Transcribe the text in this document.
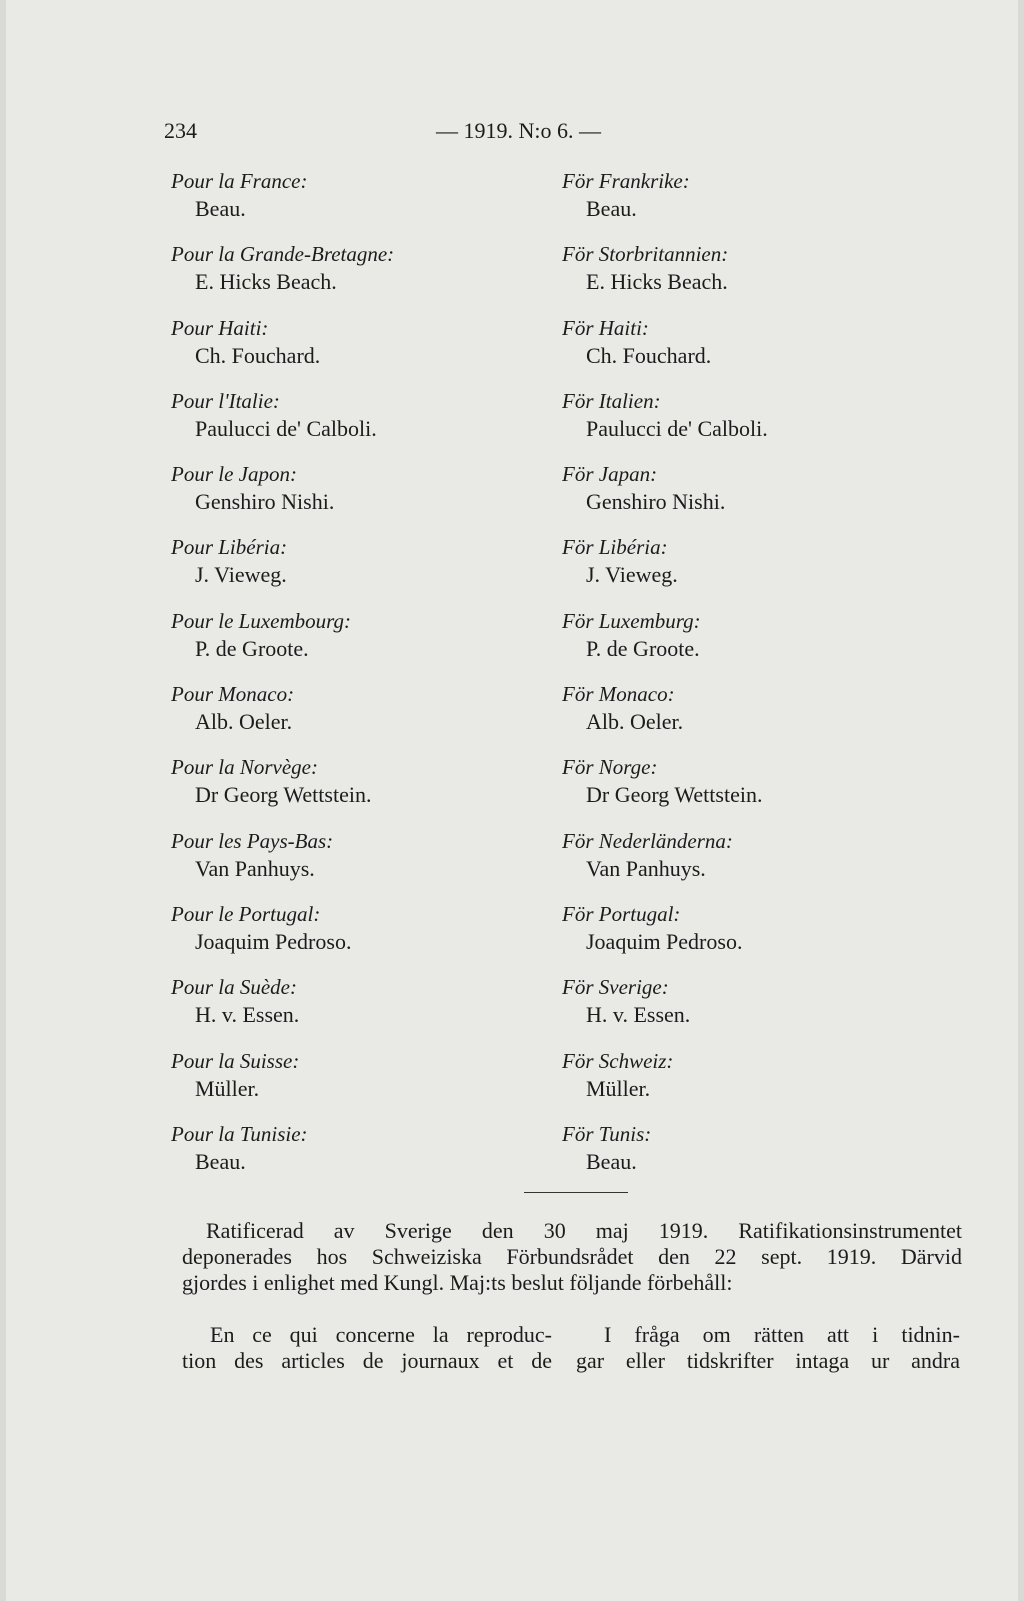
234	— 1919. N:o 6. —
Pour la France:
Beau.
Pour la Grande-Bretagne:
E. Hicks Beach.
Pour Haiti:
Ch. Fouchard.
Pour l'Italie:
Paulucci de' Calboli.
Pour le Japon:
Genshiro Nishi.
Pour Libéria:
J. Vieweg.
Pour le Luxembourg:
P. de Groote.
Pour Monaco:
Alb. Oeler.
Pour la Norvège:
Dr Georg Wettstein.
Pour les Pays-Bas:
Van Panhuys.
Pour le Portugal:
Joaquim Pedroso.
Pour la Suède:
H. v. Essen.
Pour la Suisse:
Müller.
Pour la Tunisie:
Beau.
För Frankrike:
Beau.
För Storbritannien:
E. Hicks Beach.
För Haiti:
Ch. Fouchard.
För Italien:
Paulucci de' Calboli.
För Japan:
Genshiro Nishi.
För Libéria:
J. Vieweg.
För Luxemburg:
P. de Groote.
För Monaco:
Alb. Oeler.
För Norge:
Dr Georg Wettstein.
För Nederländerna:
Van Panhuys.
För Portugal:
Joaquim Pedroso.
För Sverige:
H. v. Essen.
För Schweiz:
Müller.
För Tunis:
Beau.
Ratificerad av Sverige den 30 maj 1919. Ratifikationsinstrumentet
deponerades hos Schweiziska Förbundsrådet den 22 sept. 1919. Därvid
gjordes i enlighet med Kungl. Maj:ts beslut följande förbehåll:
En ce qui concerne la reproduc-
tion des articles de journaux et de
I fråga om rätten att i tidnin-
gar eller tidskrifter intaga ur andra
